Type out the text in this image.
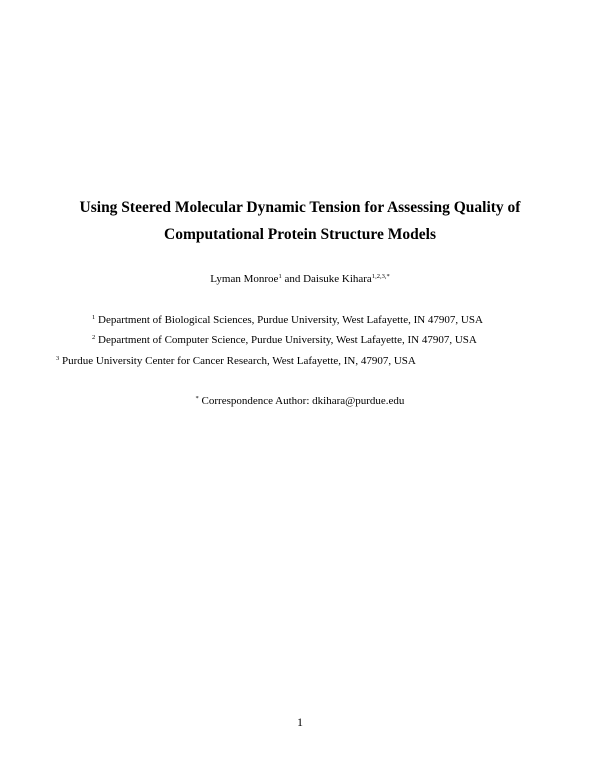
Using Steered Molecular Dynamic Tension for Assessing Quality of
Computational Protein Structure Models
Lyman Monroe$^1$ and Daisuke Kihara$^{1,2,3,*}$
$^1$ Department of Biological Sciences, Purdue University, West Lafayette, IN 47907, USA
$^2$ Department of Computer Science, Purdue University, West Lafayette, IN 47907, USA
$^3$ Purdue University Center for Cancer Research, West Lafayette, IN, 47907, USA
* Correspondence Author: dkihara@purdue.edu
1
